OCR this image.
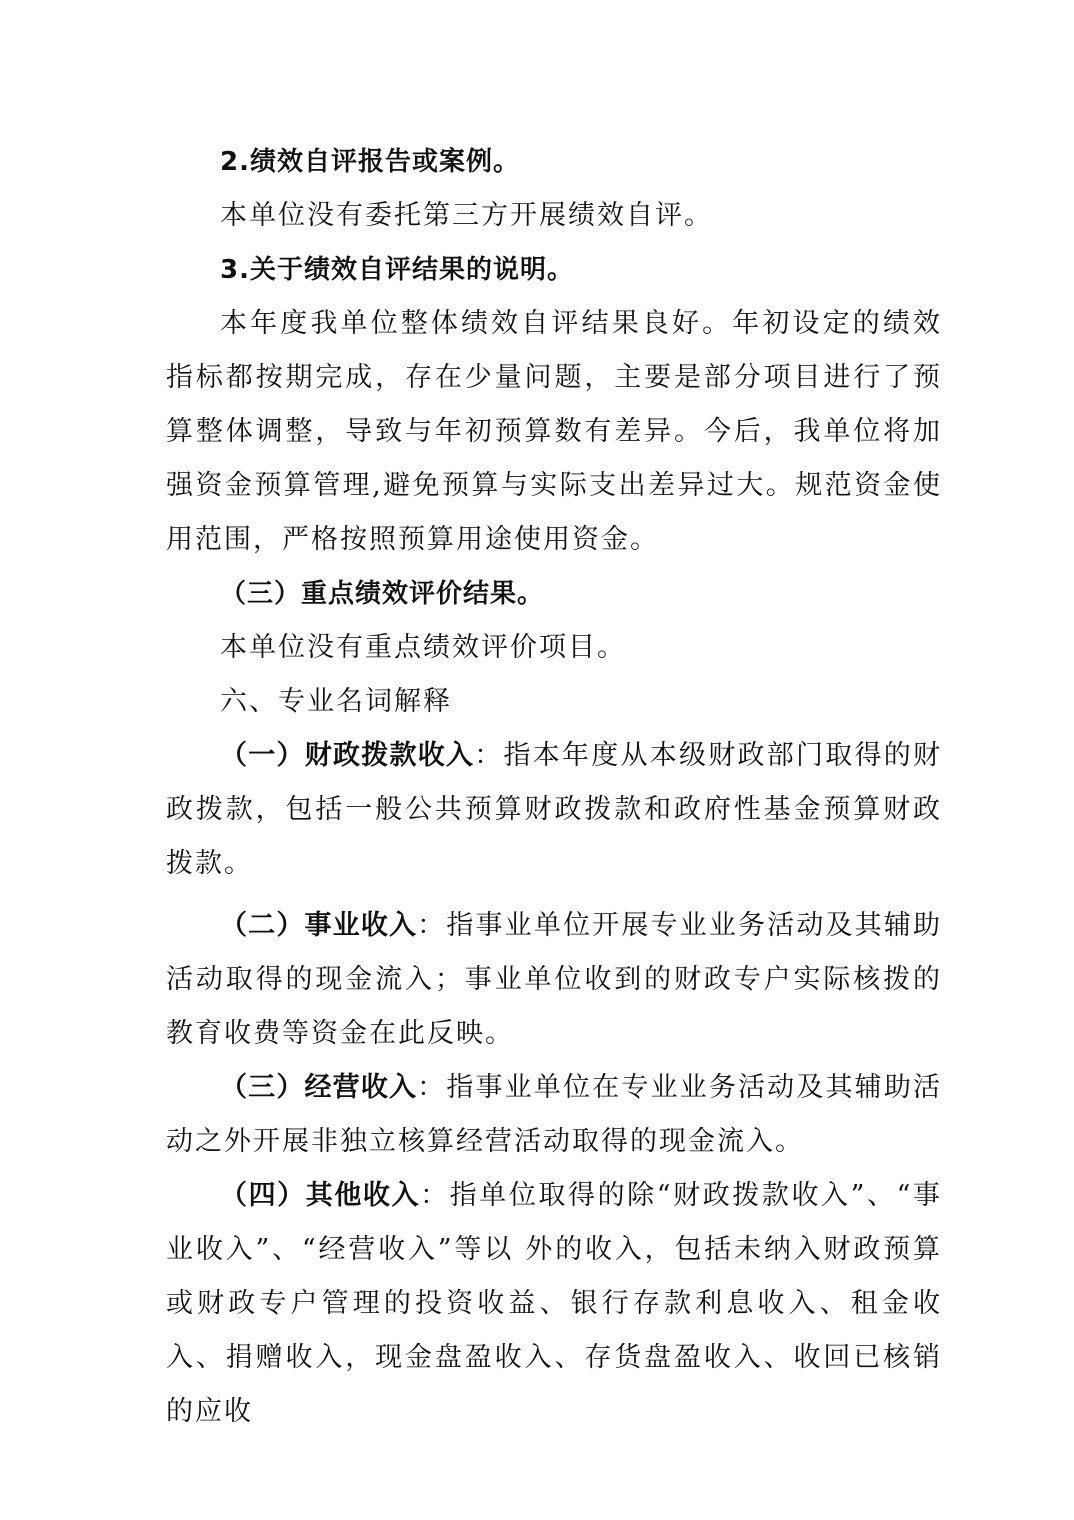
2.绩效自评报告或案例。

本单位没有委托第三方开展绩效自评。

3.关于绩效自评结果的说明。

本年度我单位整体绩效自评结果良好。年初设定的绩效指标都按期完成，存在少量问题，主要是部分项目进行了预算整体调整，导致与年初预算数有差异。今后，我单位将加强资金预算管理,避免预算与实际支出差异过大。规范资金使用范围，严格按照预算用途使用资金。

（三）重点绩效评价结果。

本单位没有重点绩效评价项目。

六、专业名词解释

（一）财政拨款收入：指本年度从本级财政部门取得的财政拨款，包括一般公共预算财政拨款和政府性基金预算财政拨款。

（二）事业收入：指事业单位开展专业业务活动及其辅助活动取得的现金流入；事业单位收到的财政专户实际核拨的教育收费等资金在此反映。

（三）经营收入：指事业单位在专业业务活动及其辅助活动之外开展非独立核算经营活动取得的现金流入。

（四）其他收入：指单位取得的除“财政拨款收入”、“事业收入”、“经营收入”等以 外的收入，包括未纳入财政预算或财政专户管理的投资收益、银行存款利息收入、租金收入、捐赠收入，现金盘盈收入、存货盘盈收入、收回已核销的应收
